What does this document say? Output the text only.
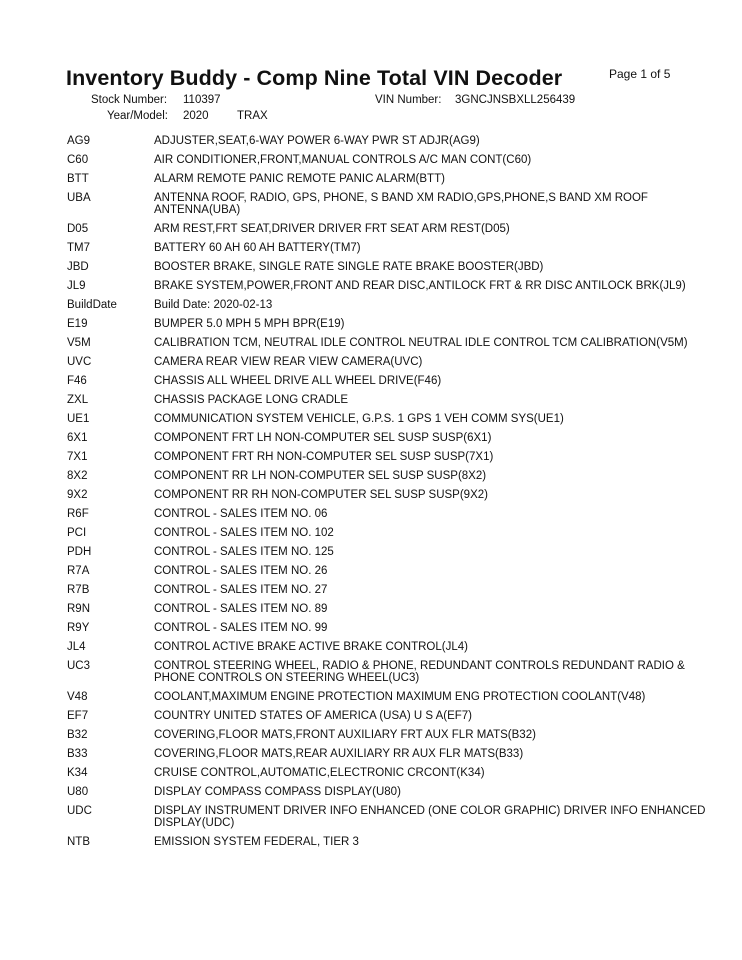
Inventory Buddy - Comp Nine Total VIN Decoder	Page 1 of 5
Stock Number: 110397	VIN Number: 3GNCJNSBXLL256439
Year/Model: 2020 TRAX
AG9	ADJUSTER,SEAT,6-WAY POWER 6-WAY PWR ST ADJR(AG9)
C60	AIR CONDITIONER,FRONT,MANUAL CONTROLS A/C MAN CONT(C60)
BTT	ALARM REMOTE PANIC REMOTE PANIC ALARM(BTT)
UBA	ANTENNA ROOF, RADIO, GPS, PHONE, S BAND XM RADIO,GPS,PHONE,S BAND XM ROOF ANTENNA(UBA)
D05	ARM REST,FRT SEAT,DRIVER DRIVER FRT SEAT ARM REST(D05)
TM7	BATTERY 60 AH 60 AH BATTERY(TM7)
JBD	BOOSTER BRAKE, SINGLE RATE SINGLE RATE BRAKE BOOSTER(JBD)
JL9	BRAKE SYSTEM,POWER,FRONT AND REAR DISC,ANTILOCK FRT & RR DISC ANTILOCK BRK(JL9)
BuildDate	Build Date: 2020-02-13
E19	BUMPER 5.0 MPH 5 MPH BPR(E19)
V5M	CALIBRATION TCM, NEUTRAL IDLE CONTROL NEUTRAL IDLE CONTROL TCM CALIBRATION(V5M)
UVC	CAMERA REAR VIEW REAR VIEW CAMERA(UVC)
F46	CHASSIS ALL WHEEL DRIVE ALL WHEEL DRIVE(F46)
ZXL	CHASSIS PACKAGE LONG CRADLE
UE1	COMMUNICATION SYSTEM VEHICLE, G.P.S. 1 GPS 1 VEH COMM SYS(UE1)
6X1	COMPONENT FRT LH NON-COMPUTER SEL SUSP SUSP(6X1)
7X1	COMPONENT FRT RH NON-COMPUTER SEL SUSP SUSP(7X1)
8X2	COMPONENT RR LH NON-COMPUTER SEL SUSP SUSP(8X2)
9X2	COMPONENT RR RH NON-COMPUTER SEL SUSP SUSP(9X2)
R6F	CONTROL - SALES ITEM NO. 06
PCI	CONTROL - SALES ITEM NO. 102
PDH	CONTROL - SALES ITEM NO. 125
R7A	CONTROL - SALES ITEM NO. 26
R7B	CONTROL - SALES ITEM NO. 27
R9N	CONTROL - SALES ITEM NO. 89
R9Y	CONTROL - SALES ITEM NO. 99
JL4	CONTROL ACTIVE BRAKE ACTIVE BRAKE CONTROL(JL4)
UC3	CONTROL STEERING WHEEL, RADIO & PHONE, REDUNDANT CONTROLS REDUNDANT RADIO & PHONE CONTROLS ON STEERING WHEEL(UC3)
V48	COOLANT,MAXIMUM ENGINE PROTECTION MAXIMUM ENG PROTECTION COOLANT(V48)
EF7	COUNTRY UNITED STATES OF AMERICA (USA) U S A(EF7)
B32	COVERING,FLOOR MATS,FRONT AUXILIARY FRT AUX FLR MATS(B32)
B33	COVERING,FLOOR MATS,REAR AUXILIARY RR AUX FLR MATS(B33)
K34	CRUISE CONTROL,AUTOMATIC,ELECTRONIC CRCONT(K34)
U80	DISPLAY COMPASS COMPASS DISPLAY(U80)
UDC	DISPLAY INSTRUMENT DRIVER INFO ENHANCED (ONE COLOR GRAPHIC) DRIVER INFO ENHANCED DISPLAY(UDC)
NTB	EMISSION SYSTEM FEDERAL, TIER 3
